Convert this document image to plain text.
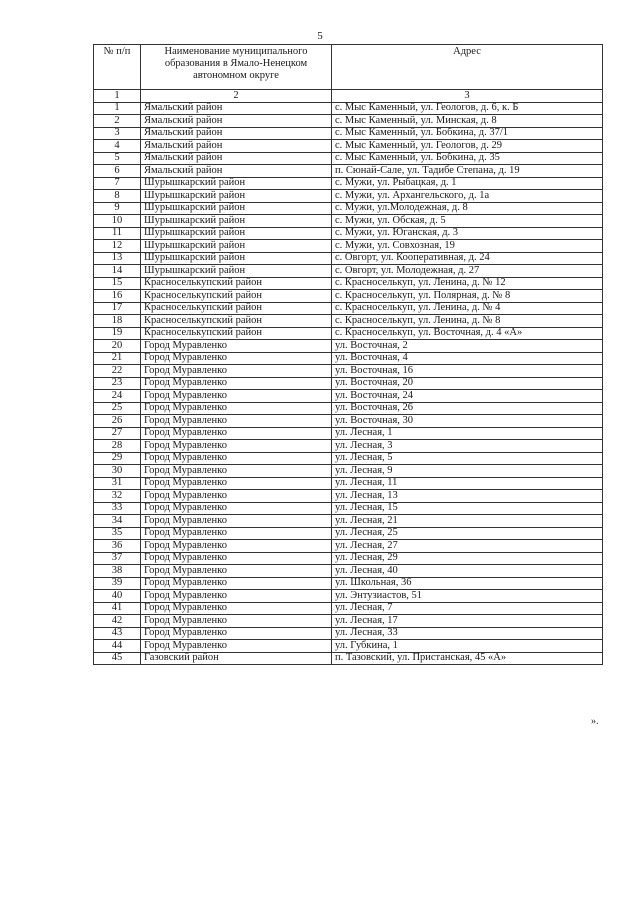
5
№ п/п	Наименование муниципального образования в Ямало-Ненецком автономном округе	Адрес
1	2	3
1	Ямальский район	с. Мыс Каменный, ул. Геологов, д. 6, к. Б
2	Ямальский район	с. Мыс Каменный, ул. Минская, д. 8
3	Ямальский район	с. Мыс Каменный, ул. Бобкина, д. 37/1
4	Ямальский район	с. Мыс Каменный, ул. Геологов, д. 29
5	Ямальский район	с. Мыс Каменный, ул. Бобкина, д. 35
6	Ямальский район	п. Сюнай-Сале, ул. Тадибе Степана, д. 19
7	Шурышкарский район	с. Мужи, ул. Рыбацкая, д. 1
8	Шурышкарский район	с. Мужи, ул. Архангельского, д. 1а
9	Шурышкарский район	с. Мужи, ул.Молодежная, д. 8
10	Шурышкарский район	с. Мужи, ул. Обская, д. 5
11	Шурышкарский район	с. Мужи, ул. Юганская, д. 3
12	Шурышкарский район	с. Мужи, ул. Совхозная, 19
13	Шурышкарский район	с. Овгорт, ул. Кооперативная, д. 24
14	Шурышкарский район	с. Овгорт, ул. Молодежная, д. 27
15	Красноселькупский район	с. Красноселькуп, ул. Ленина, д. № 12
16	Красноселькупский район	с. Красноселькуп, ул. Полярная, д. № 8
17	Красноселькупский район	с. Красноселькуп, ул. Ленина, д. № 4
18	Красноселькупский район	с. Красноселькуп, ул. Ленина, д. № 8
19	Красноселькупский район	с. Красноселькуп, ул. Восточная, д. 4 «А»
20	Город Муравленко	ул. Восточная, 2
21	Город Муравленко	ул. Восточная, 4
22	Город Муравленко	ул. Восточная, 16
23	Город Муравленко	ул. Восточная, 20
24	Город Муравленко	ул. Восточная, 24
25	Город Муравленко	ул. Восточная, 26
26	Город Муравленко	ул. Восточная, 30
27	Город Муравленко	ул. Лесная, 1
28	Город Муравленко	ул. Лесная, 3
29	Город Муравленко	ул. Лесная, 5
30	Город Муравленко	ул. Лесная, 9
31	Город Муравленко	ул. Лесная, 11
32	Город Муравленко	ул. Лесная, 13
33	Город Муравленко	ул. Лесная, 15
34	Город Муравленко	ул. Лесная, 21
35	Город Муравленко	ул. Лесная, 25
36	Город Муравленко	ул. Лесная, 27
37	Город Муравленко	ул. Лесная, 29
38	Город Муравленко	ул. Лесная, 40
39	Город Муравленко	ул. Школьная, 36
40	Город Муравленко	ул. Энтузиастов, 51
41	Город Муравленко	ул. Лесная, 7
42	Город Муравленко	ул. Лесная, 17
43	Город Муравленко	ул. Лесная, 33
44	Город Муравленко	ул. Губкина, 1
45	Газовский район	п. Тазовский, ул. Пристанская, 45 «А»
».
